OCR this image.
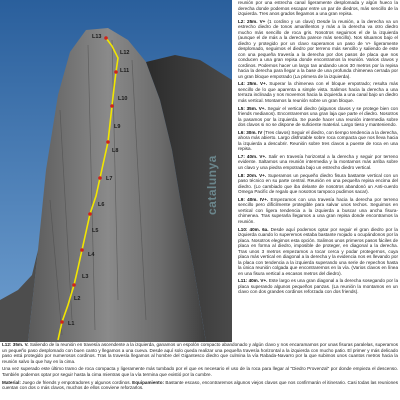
L13
L12
L11
L10
L9
L8
L7
L6
L5
L4
L3
L2
L1
catalunya

reunión por una estrecha canal ligeramente desplomada y algún hueco la derecha donde podemos escapar entre un par de diedros, más sencillo de la izquierda. Tres anos grados llegamos a una gran repisa.

L2: 25m. V+ (1 cordino y un clavo) Desde la reunión, a la derecha va un estrecho diedro de tonos amarillentos y más a la derecha va otro diedro mucho más sencillo de roca gris. Nosotros seguimos el de la izquierda (aunque el de más a la derecha parece más sencillo). Nos situamos bajo el diedro y protegido por un clavo superamos un paso de V+ ligeramente desplomado, seguimos el diedro por terreno más sencillo y saliendo de este con una pequeña travesía a la derecha por dos pasos de placa que nos conducen a una gran repisa donde encontramos la reunión. Varios clavos y cordinos. Podemos hacer un largo tan andando unos 30 metros por la repisa hacia la derecha para llegar a la base de una profunda chimenea cerrada por un gran bloque empotrado (La primera de la izquierda).

L4: 25m. V+. Superar la chimenea con el bloque empotrado; resulta más sencillo de lo que aparenta a simple vista. Salimos hacia la derecha a una terraza inclinada y nos movemos hacia la izquierda a una canal bajo un diedro más vertical. Montamos la reunión sobre un gran bloque.

L5: 35m. V+. Seguir el vertical diedro (algunos clavos y se protege bien con friends medianos). Encontraremos una gran laja que parte el diedro. Nosotros la pasamos por la izquierda. Se puede hacer una reunión intermedia sobre dos clavos si no se dispone de suficiente material. Largo tieso y manteniendo.

L6: 30m. IV (Tres clavos) Seguir el diedro, con tiempo tendencia a la derecha, ahora más abierto. Largo disfrutable sobre roca compacta que nos lleva hacia la izquierda a descubrir. Reunión sobre tres clavos a puente de roca en una repisa.

L7: 40m. V+. Salir en travesía horizontal a la derecha y seguir por terreno evidente. Saltamos una reunión intermedia y la montamos más arriba sobre un clavo y una piedra empotrada bajo un estrecho diedro vertical.

L8: 20m. V+. Superamos un pequeño diedro fisura bastante vertical con un paso técnico en su parte central. Reunión en una pequeña repisa encima del diedro. (Lo cambiado que iba delante de nosotros abandonó un Anti-cuerdo Omega Pacific de regalo que nosotros tampoco pudimos sacar).

L9: 40m. IV+. Empezamos con una travesía hacia la derecha por terreno sencillo pero difícilmente protegible para salvar unos techos. Seguimos en vertical con ligera tendencia a la izquierda a buscar una ancha fisura-chimenea. Tras superarla llegamos a una gran repisa donde encontramos la reunión.

L10: 40m. 6a. Desde aquí podemos optar por seguir el gran diedro por la izquierda cuando lo superemos estaba bastante mojado u ocupándonos por la placa. Nosotros elegimos esta opción. Salimos unos primeros pasos fáciles de placa en forma al diedro, imposible de proteger, en diagonal a la derecha. Tras unos 3 metros empezamos a tocar cerca y podar protegernos, cuya placa más vertical en diagonal a la derecha y la evidencia nos es llevando por la placa con tendencia a la izquierda superando una serie de repechos hasta la única reunión colgada que encontraremos en la vía. (Varios clavos en línea en una fisura vertical a escasos metros del diedro).

L11: 40m. V+. Este largo es una gran diagonal a la derecha sosegando por la placa superando algunos pequeños panzas. (La reunión la montamos en un clavo con dos grandes cordinos reforzada con dos friends).

L12: 35m. V. Saliendo de la reunión en travesía ascendente a la izquierda, ganamos un espolón compacto abandonado y algún clavo y nos encaramamos por unas fisuras paralelas, superamos un pequeño paso desplomado con buen canto y llegamos a una cueva. Desde aquí solo queda realizar una pequeña travesía horizontal a la izquierda con mucho patio. El primer y más delicado paso está protegido por numerosos cordinos. Tras la travesía llegamos al hombre del Gigantesco diedro que culmina la vía Rabada-Navarro por la que subimos unos cuantos metros hacia la reunión salvo la que hay en la cima.

Una vez superado este último tramo de roca compacta y ligeramente más tumbado por el que es necesario el uso de la roca para llegar al "Diedro Provenzal" por donde empieza el descenso. También podemos optar por seguir hasta la cima mientras que la vía termina que existió por la cumbre.

Material: Juego de friends y empotradores y algunos cordinos. Equipamiento: Bastante escaso, encontraremos algunos viejos clavos que nos confirmarán el itinerario. Casi todas las reuniones cuentan con dos o más clavos, muchos de ellos conviene reforzarlos.
